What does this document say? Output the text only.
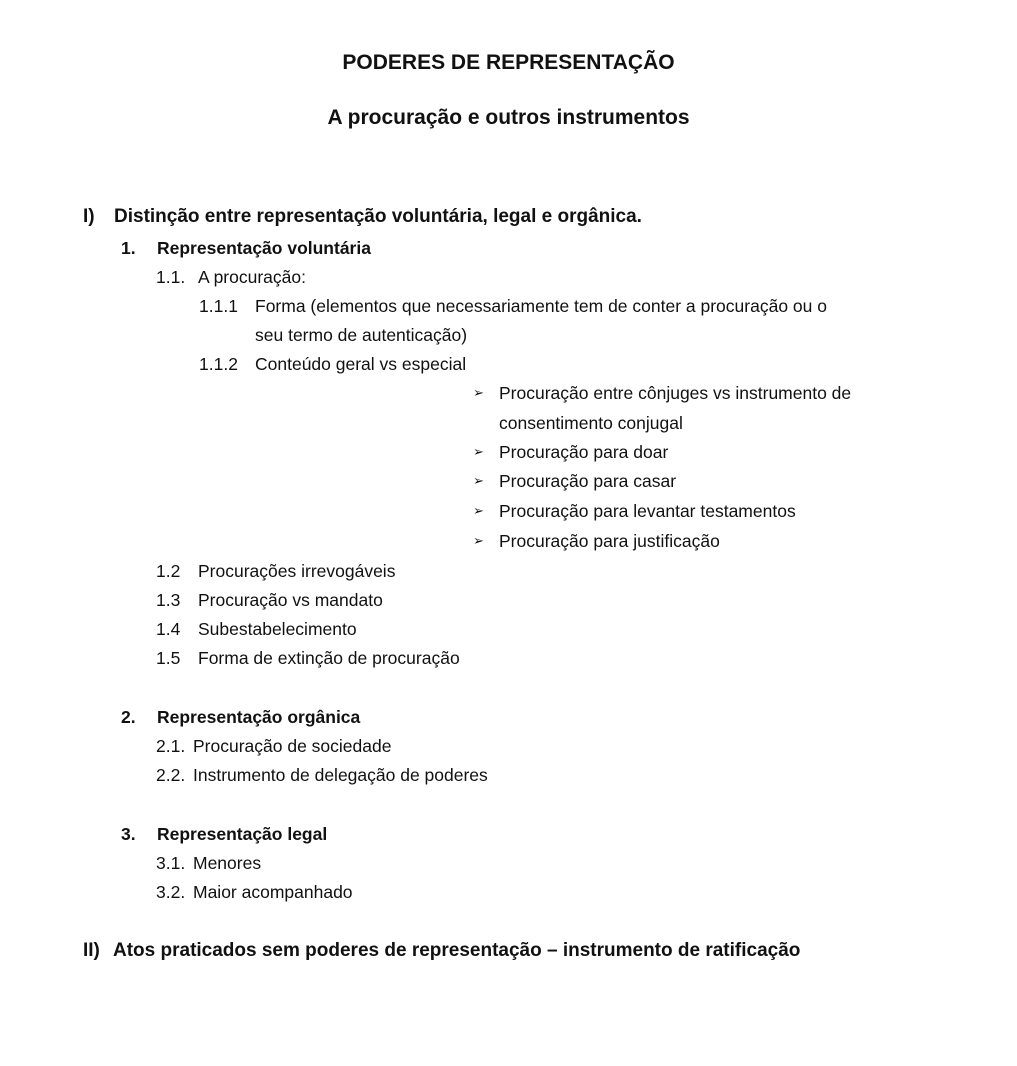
PODERES DE REPRESENTAÇÃO
A procuração e outros instrumentos
I) Distinção entre representação voluntária, legal e orgânica.
1. Representação voluntária
1.1. A procuração:
1.1.1 Forma (elementos que necessariamente tem de conter a procuração ou o
seu termo de autenticação)
1.1.2 Conteúdo geral vs especial
➢ Procuração entre cônjuges vs instrumento de
consentimento conjugal
➢ Procuração para doar
➢ Procuração para casar
➢ Procuração para levantar testamentos
➢ Procuração para justificação
1.2 Procurações irrevogáveis
1.3 Procuração vs mandato
1.4 Subestabelecimento
1.5 Forma de extinção de procuração
2. Representação orgânica
2.1. Procuração de sociedade
2.2. Instrumento de delegação de poderes
3. Representação legal
3.1. Menores
3.2. Maior acompanhado
II) Atos praticados sem poderes de representação – instrumento de ratificação
